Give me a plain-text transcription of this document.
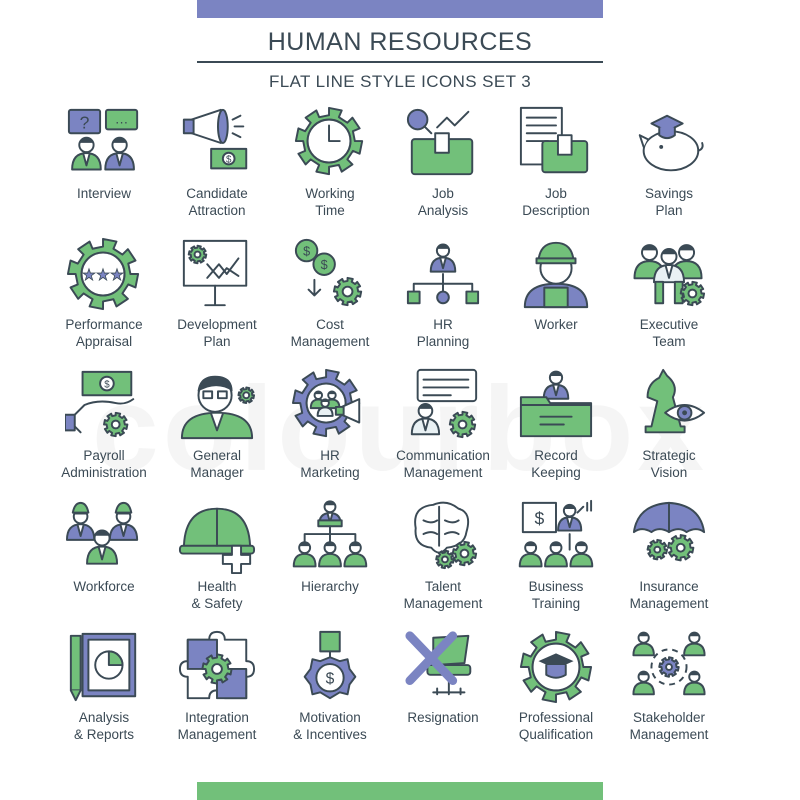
HUMAN RESOURCES
FLAT LINE STYLE ICONS SET 3
? …
Interview
$
Candidate
Attraction
Working
Time
Job
Analysis
Job
Description
Savings
Plan
★★★
Performance
Appraisal
Development
Plan
$
$
Cost
Management
HR
Planning
Worker	Executive
Team
$
Payroll
Administration
General
Manager
HR
Marketing
Communication
Management
Record
Keeping
Strategic
Vision
Workforce	Health
& Safety
Hierarchy	Talent
Management
$
Business
Training
Insurance
Management
Analysis
& Reports
Integration
Management
$
Motivation
& Incentives
Resignation	Professional
Qualification
Stakeholder
Management
